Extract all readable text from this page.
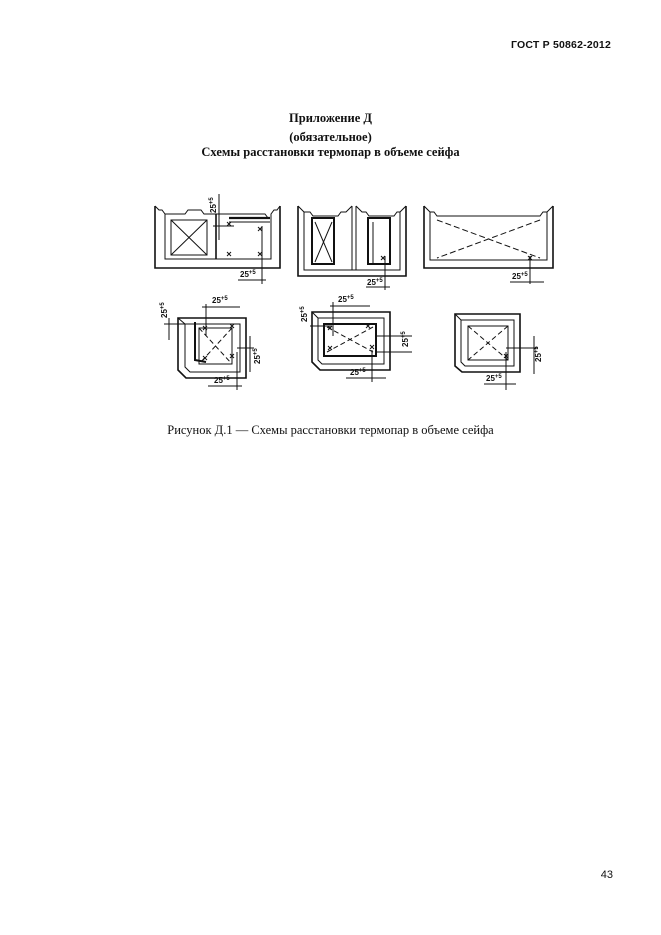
ГОСТ Р 50862-2012
Приложение Д
(обязательное)
Схемы расстановки термопар в объеме сейфа
$25^{+5}$
$25^{+5}$
$25^{+5}$	$25^{+5}$
$25^{+5}$
$25^{+5}$
$25^{+5}$
$25^{+5}$
$25^{+5}$
$25^{+5}$
$25^{+5}$
$25^{+5}$
$25^{+5}$
$25^{+5}$
Рисунок Д.1 — Схемы расстановки термопар в объеме сейфа
43
